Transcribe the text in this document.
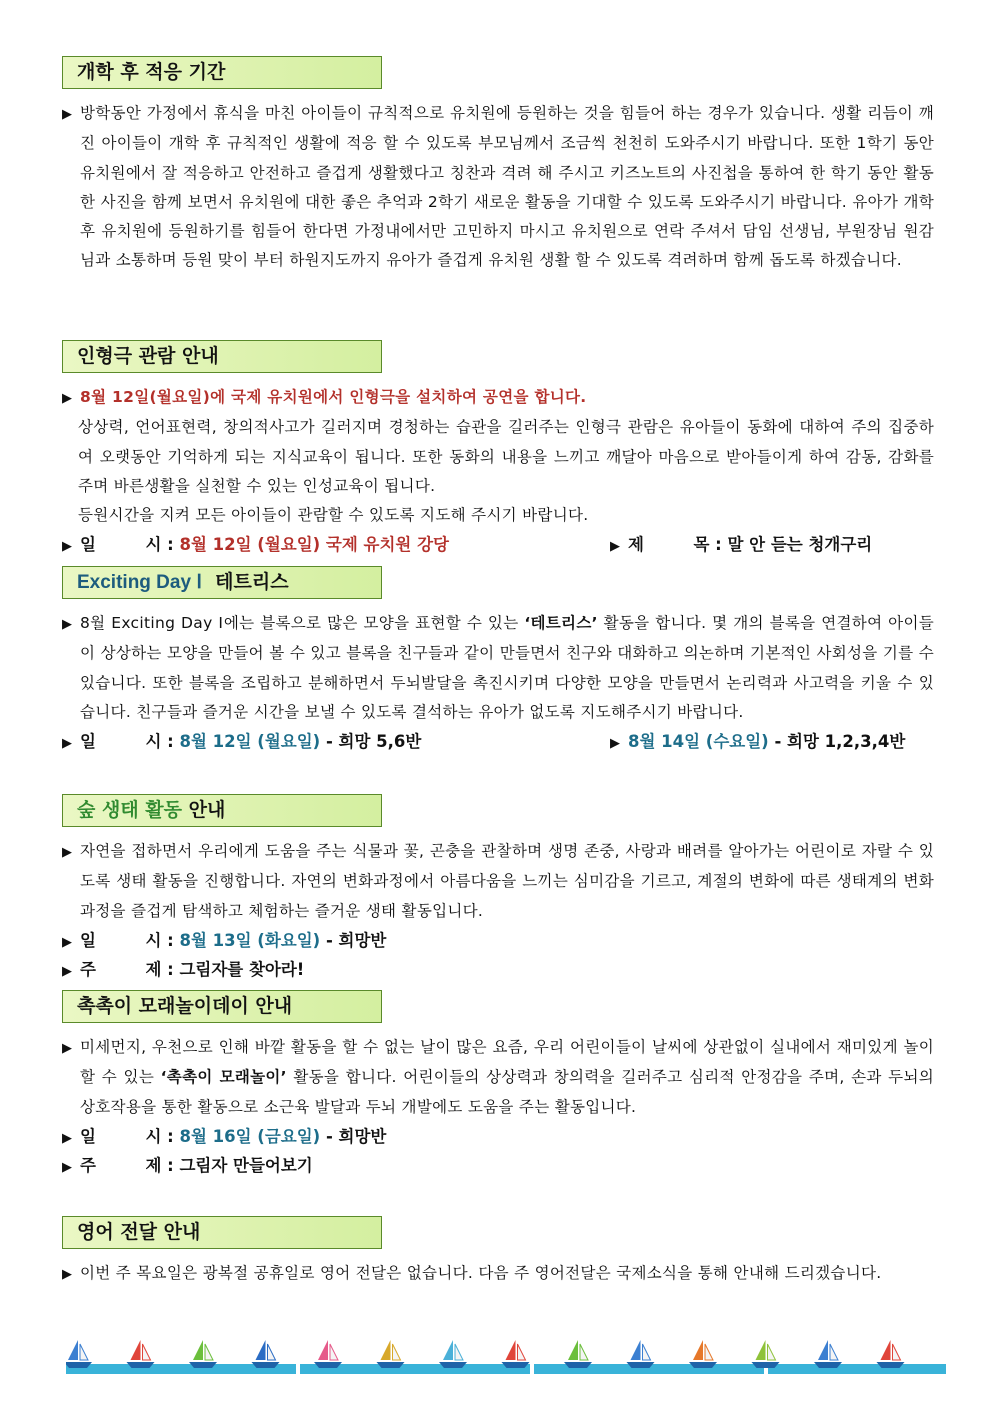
개학 후 적응 기간

▶ 방학동안 가정에서 휴식을 마친 아이들이 규칙적으로 유치원에 등원하는 것을 힘들어 하는 경우가 있습니다. 생활 리듬이 깨진 아이들이 개학 후 규칙적인 생활에 적응 할 수 있도록 부모님께서 조금씩 천천히 도와주시기 바랍니다. 또한 1학기 동안 유치원에서 잘 적응하고 안전하고 즐겁게 생활했다고 칭찬과 격려 해 주시고 키즈노트의 사진첩을 통하여 한 학기 동안 활동한 사진을 함께 보면서 유치원에 대한 좋은 추억과 2학기 새로운 활동을 기대할 수 있도록 도와주시기 바랍니다. 유아가 개학 후 유치원에 등원하기를 힘들어 한다면 가정내에서만 고민하지 마시고 유치원으로 연락 주셔서 담임 선생님, 부원장님 원감님과 소통하며 등원 맞이 부터 하원지도까지 유아가 즐겁게 유치원 생활 할 수 있도록 격려하며 함께 돕도록 하겠습니다.

인형극 관람 안내

▶ 8월 12일(월요일)에 국제 유치원에서 인형극을 설치하여 공연을 합니다.

상상력, 언어표현력, 창의적사고가 길러지며 경청하는 습관을 길러주는 인형극 관람은 유아들이 동화에 대하여 주의 집중하여 오랫동안 기억하게 되는 지식교육이 됩니다. 또한 동화의 내용을 느끼고 깨달아 마음으로 받아들이게 하여 감동, 감화를 주며 바른생활을 실천할 수 있는 인성교육이 됩니다.

등원시간을 지켜 모든 아이들이 관람할 수 있도록 지도해 주시기 바랍니다.

▶ 일　　　시 : 8월 12일 (월요일) 국제 유치원 강당	▶ 제　　　목 : 말 안 듣는 청개구리
Exciting Day Ⅰ 테트리스

▶ 8월 Exciting Day Ⅰ에는 블록으로 많은 모양을 표현할 수 있는 ‘테트리스’ 활동을 합니다. 몇 개의 블록을 연결하여 아이들이 상상하는 모양을 만들어 볼 수 있고 블록을 친구들과 같이 만들면서 친구와 대화하고 의논하며 기본적인 사회성을 기를 수 있습니다. 또한 블록을 조립하고 분해하면서 두뇌발달을 촉진시키며 다양한 모양을 만들면서 논리력과 사고력을 키울 수 있습니다. 친구들과 즐거운 시간을 보낼 수 있도록 결석하는 유아가 없도록 지도해주시기 바랍니다.

▶ 일　　　시 : 8월 12일 (월요일) - 희망 5,6반	▶ 8월 14일 (수요일) - 희망 1,2,3,4반
숲 생태 활동 안내

▶ 자연을 접하면서 우리에게 도움을 주는 식물과 꽃, 곤충을 관찰하며 생명 존중, 사랑과 배려를 알아가는 어린이로 자랄 수 있도록 생태 활동을 진행합니다. 자연의 변화과정에서 아름다움을 느끼는 심미감을 기르고, 계절의 변화에 따른 생태계의 변화과정을 즐겁게 탐색하고 체험하는 즐거운 생태 활동입니다.

▶ 일　　　시 : 8월 13일 (화요일) - 희망반
▶ 주　　　제 : 그림자를 찾아라!
촉촉이 모래놀이데이 안내

▶ 미세먼지, 우천으로 인해 바깥 활동을 할 수 없는 날이 많은 요즘, 우리 어린이들이 날씨에 상관없이 실내에서 재미있게 놀이할 수 있는 ‘촉촉이 모래놀이’ 활동을 합니다. 어린이들의 상상력과 창의력을 길러주고 심리적 안정감을 주며, 손과 두뇌의 상호작용을 통한 활동으로 소근육 발달과 두뇌 개발에도 도움을 주는 활동입니다.

▶ 일　　　시 : 8월 16일 (금요일) - 희망반
▶ 주　　　제 : 그림자 만들어보기
영어 전달 안내

▶ 이번 주 목요일은 광복절 공휴일로 영어 전달은 없습니다. 다음 주 영어전달은 국제소식을 통해 안내해 드리겠습니다.
